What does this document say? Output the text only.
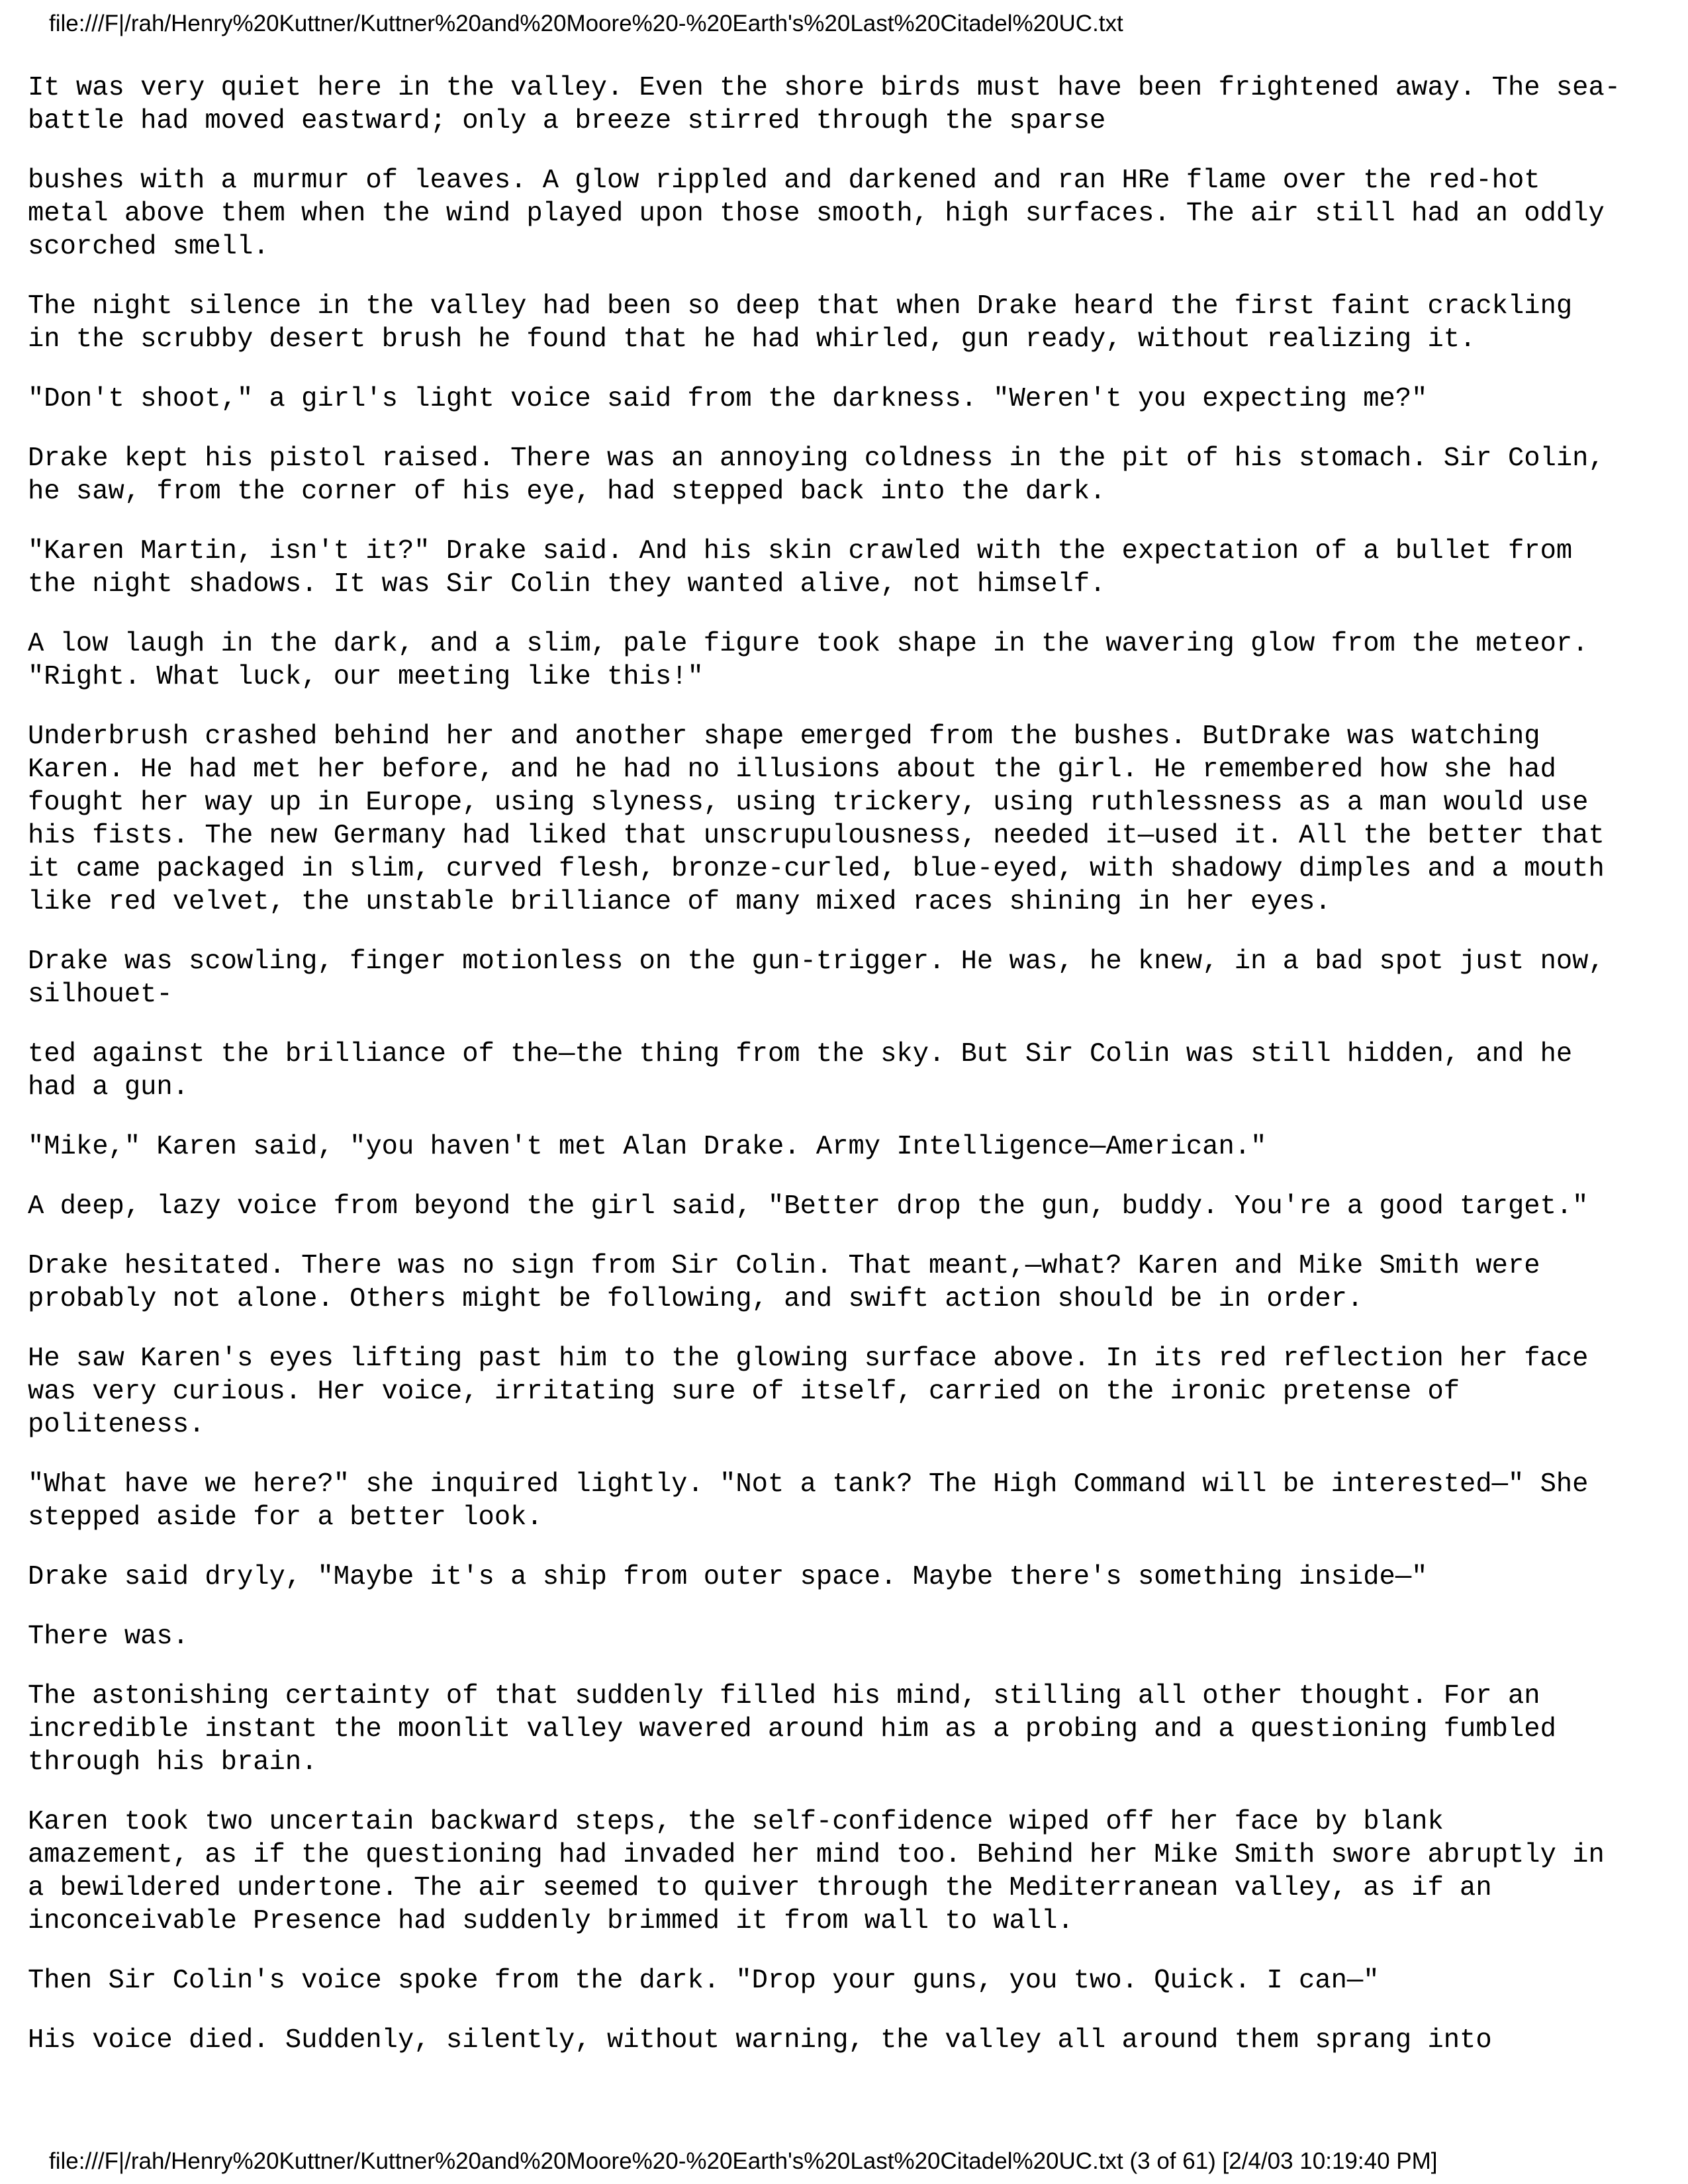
file:///F|/rah/Henry%20Kuttner/Kuttner%20and%20Moore%20-%20Earth's%20Last%20Citadel%20UC.txt

It was very quiet here in the valley. Even the shore birds must have been frightened away. The sea-
battle had moved eastward; only a breeze stirred through the sparse

bushes with a murmur of leaves. A glow rippled and darkened and ran HRe flame over the red-hot
metal above them when the wind played upon those smooth, high surfaces. The air still had an oddly
scorched smell.

The night silence in the valley had been so deep that when Drake heard the first faint crackling
in the scrubby desert brush he found that he had whirled, gun ready, without realizing it.

"Don't shoot," a girl's light voice said from the darkness. "Weren't you expecting me?"

Drake kept his pistol raised. There was an annoying coldness in the pit of his stomach. Sir Colin,
he saw, from the corner of his eye, had stepped back into the dark.

"Karen Martin, isn't it?" Drake said. And his skin crawled with the expectation of a bullet from
the night shadows. It was Sir Colin they wanted alive, not himself.

A low laugh in the dark, and a slim, pale figure took shape in the wavering glow from the meteor.
"Right. What luck, our meeting like this!"

Underbrush crashed behind her and another shape emerged from the bushes. ButDrake was watching
Karen. He had met her before, and he had no illusions about the girl. He remembered how she had
fought her way up in Europe, using slyness, using trickery, using ruthlessness as a man would use
his fists. The new Germany had liked that unscrupulousness, needed it—used it. All the better that
it came packaged in slim, curved flesh, bronze-curled, blue-eyed, with shadowy dimples and a mouth
like red velvet, the unstable brilliance of many mixed races shining in her eyes.

Drake was scowling, finger motionless on the gun-trigger. He was, he knew, in a bad spot just now,
silhouet-

ted against the brilliance of the—the thing from the sky. But Sir Colin was still hidden, and he
had a gun.

"Mike," Karen said, "you haven't met Alan Drake. Army Intelligence—American."

A deep, lazy voice from beyond the girl said, "Better drop the gun, buddy. You're a good target."

Drake hesitated. There was no sign from Sir Colin. That meant,—what? Karen and Mike Smith were
probably not alone. Others might be following, and swift action should be in order.

He saw Karen's eyes lifting past him to the glowing surface above. In its red reflection her face
was very curious. Her voice, irritating sure of itself, carried on the ironic pretense of
politeness.

"What have we here?" she inquired lightly. "Not a tank? The High Command will be interested—" She
stepped aside for a better look.

Drake said dryly, "Maybe it's a ship from outer space. Maybe there's something inside—"

There was.

The astonishing certainty of that suddenly filled his mind, stilling all other thought. For an
incredible instant the moonlit valley wavered around him as a probing and a questioning fumbled
through his brain.

Karen took two uncertain backward steps, the self-confidence wiped off her face by blank
amazement, as if the questioning had invaded her mind too. Behind her Mike Smith swore abruptly in
a bewildered undertone. The air seemed to quiver through the Mediterranean valley, as if an
inconceivable Presence had suddenly brimmed it from wall to wall.

Then Sir Colin's voice spoke from the dark. "Drop your guns, you two. Quick. I can—"

His voice died. Suddenly, silently, without warning, the valley all around them sprang into

file:///F|/rah/Henry%20Kuttner/Kuttner%20and%20Moore%20-%20Earth's%20Last%20Citadel%20UC.txt (3 of 61) [2/4/03 10:19:40 PM]
